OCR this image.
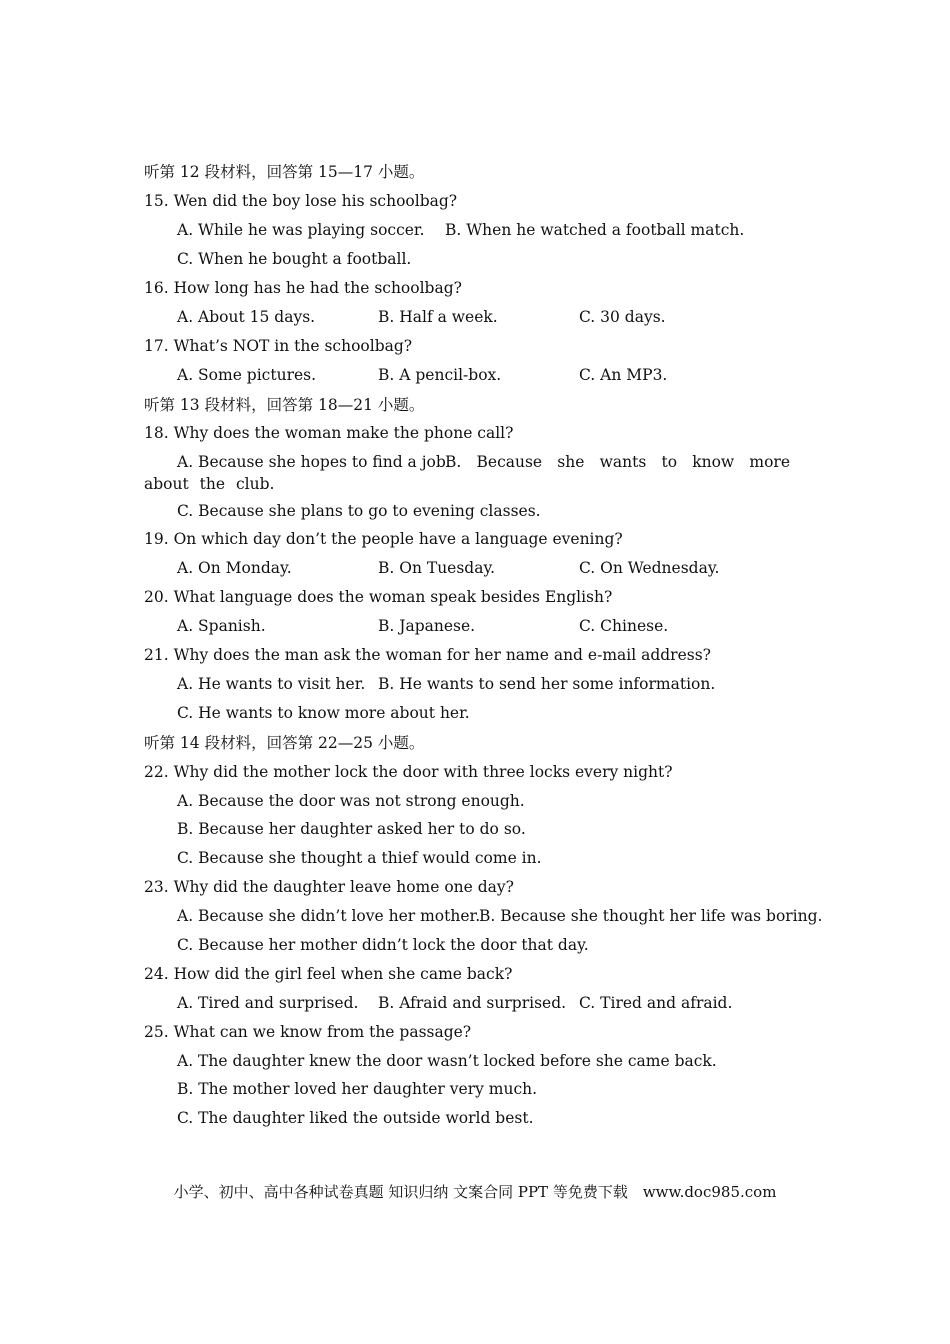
听第 12 段材料，回答第 15—17 小题。
15. Wen did the boy lose his schoolbag?
A. While he was playing soccer. B. When he watched a football match.
C. When he bought a football.
16. How long has he had the schoolbag?
A. About 15 days.	B. Half a week.	C. 30 days.
17. What’s NOT in the schoolbag?
A. Some pictures.	B. A pencil-box.	C. An MP3.
听第 13 段材料，回答第 18—21 小题。
18. Why does the woman make the phone call?
A. Because she hopes to find a job.
B. Because she wants to know more about the club.
C. Because she plans to go to evening classes.
19. On which day don’t the people have a language evening?
A. On Monday.	B. On Tuesday.	C. On Wednesday.
20. What language does the woman speak besides English?
A. Spanish.	B. Japanese.	C. Chinese.
21. Why does the man ask the woman for her name and e-mail address?
A. He wants to visit her. B. He wants to send her some information.
C. He wants to know more about her.
听第 14 段材料，回答第 22—25 小题。
22. Why did the mother lock the door with three locks every night?
A. Because the door was not strong enough.
B. Because her daughter asked her to do so.
C. Because she thought a thief would come in.
23. Why did the daughter leave home one day?
A. Because she didn’t love her mother.
B. Because she thought her life was boring.
C. Because her mother didn’t lock the door that day.
24. How did the girl feel when she came back?
A. Tired and surprised. B. Afraid and surprised. C. Tired and afraid.
25. What can we know from the passage?
A. The daughter knew the door wasn’t locked before she came back.
B. The mother loved her daughter very much.
C. The daughter liked the outside world best.
小学、初中、高中各种试卷真题 知识归纳 文案合同 PPT 等免费下载　www.doc985.com
